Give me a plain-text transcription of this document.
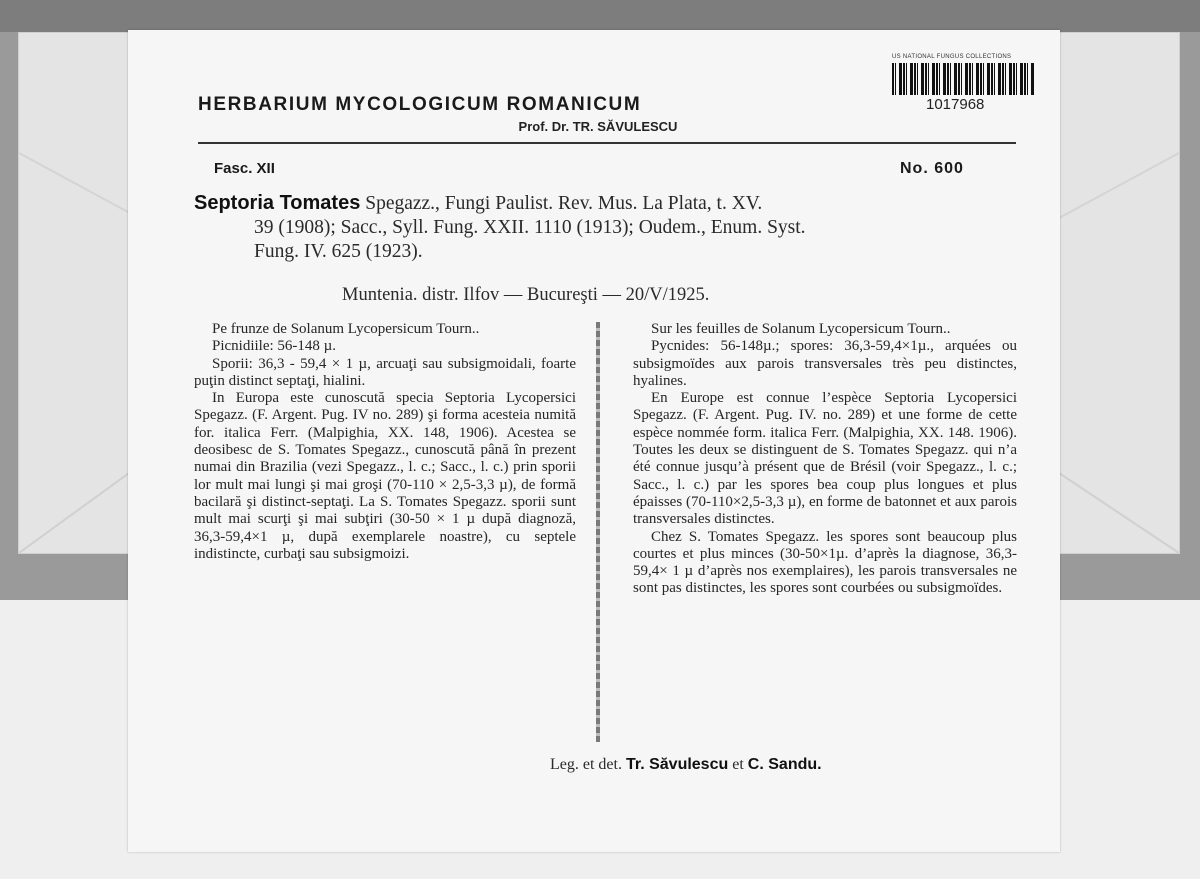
US NATIONAL FUNGUS COLLECTIONS
1017968
HERBARIUM MYCOLOGICUM ROMANICUM
Prof. Dr. TR. SĂVULESCU
Fasc. XII	No. 600
Septoria Tomates Spegazz., Fungi Paulist. Rev. Mus. La Plata, t. XV.
39 (1908); Sacc., Syll. Fung. XXII. 1110 (1913); Oudem., Enum. Syst.
Fung. IV. 625 (1923).
Muntenia. distr. Ilfov — Bucureşti — 20/V/1925.

Pe frunze de Solanum Lycopersicum Tourn..

Picnidiile: 56-148 µ.

Sporii: 36,3 - 59,4 × 1 µ, arcuaţi sau subsigmoidali, foarte puţin distinct septaţi, hialini.

In Europa este cunoscută specia Septoria Lycopersici Spegazz. (F. Argent. Pug. IV no. 289) şi forma acesteia numită for. italica Ferr. (Malpighia, XX. 148, 1906). Acestea se deosibesc de S. Tomates Spegazz., cunoscută până în prezent numai din Brazilia (vezi Spegazz., l. c.; Sacc., l. c.) prin sporii lor mult mai lungi şi mai groşi (70-110 × 2,5-3,3 µ), de formă bacilară şi distinct-septaţi. La S. Tomates Spegazz. sporii sunt mult mai scurţi şi mai subţiri (30-50 × 1 µ după diagnoză, 36,3-59,4×1 µ, după exemplarele noastre), cu septele indistincte, curbaţi sau subsigmoizi.

Sur les feuilles de Solanum Lycopersicum Tourn..

Pycnides: 56-148µ.; spores: 36,3-59,4×1µ., arquées ou subsigmoïdes aux parois transversales très peu distinctes, hyalines.

En Europe est connue l’espèce Septoria Lycopersici Spegazz. (F. Argent. Pug. IV. no. 289) et une forme de cette espèce nommée form. italica Ferr. (Malpighia, XX. 148. 1906). Toutes les deux se distinguent de S. Tomates Spegazz. qui n’a été connue jusqu’à présent que de Brésil (voir Spegazz., l. c.; Sacc., l. c.) par les spores bea coup plus longues et plus épaisses (70-110×2,5-3,3 µ), en forme de batonnet et aux parois transversales distinctes.

Chez S. Tomates Spegazz. les spores sont beaucoup plus courtes et plus minces (30-50×1µ. d’après la diagnose, 36,3-59,4× 1 µ d’après nos exemplaires), les parois transversales ne sont pas distinctes, les spores sont courbées ou subsigmoïdes.

Leg. et det. Tr. Săvulescu et C. Sandu.
